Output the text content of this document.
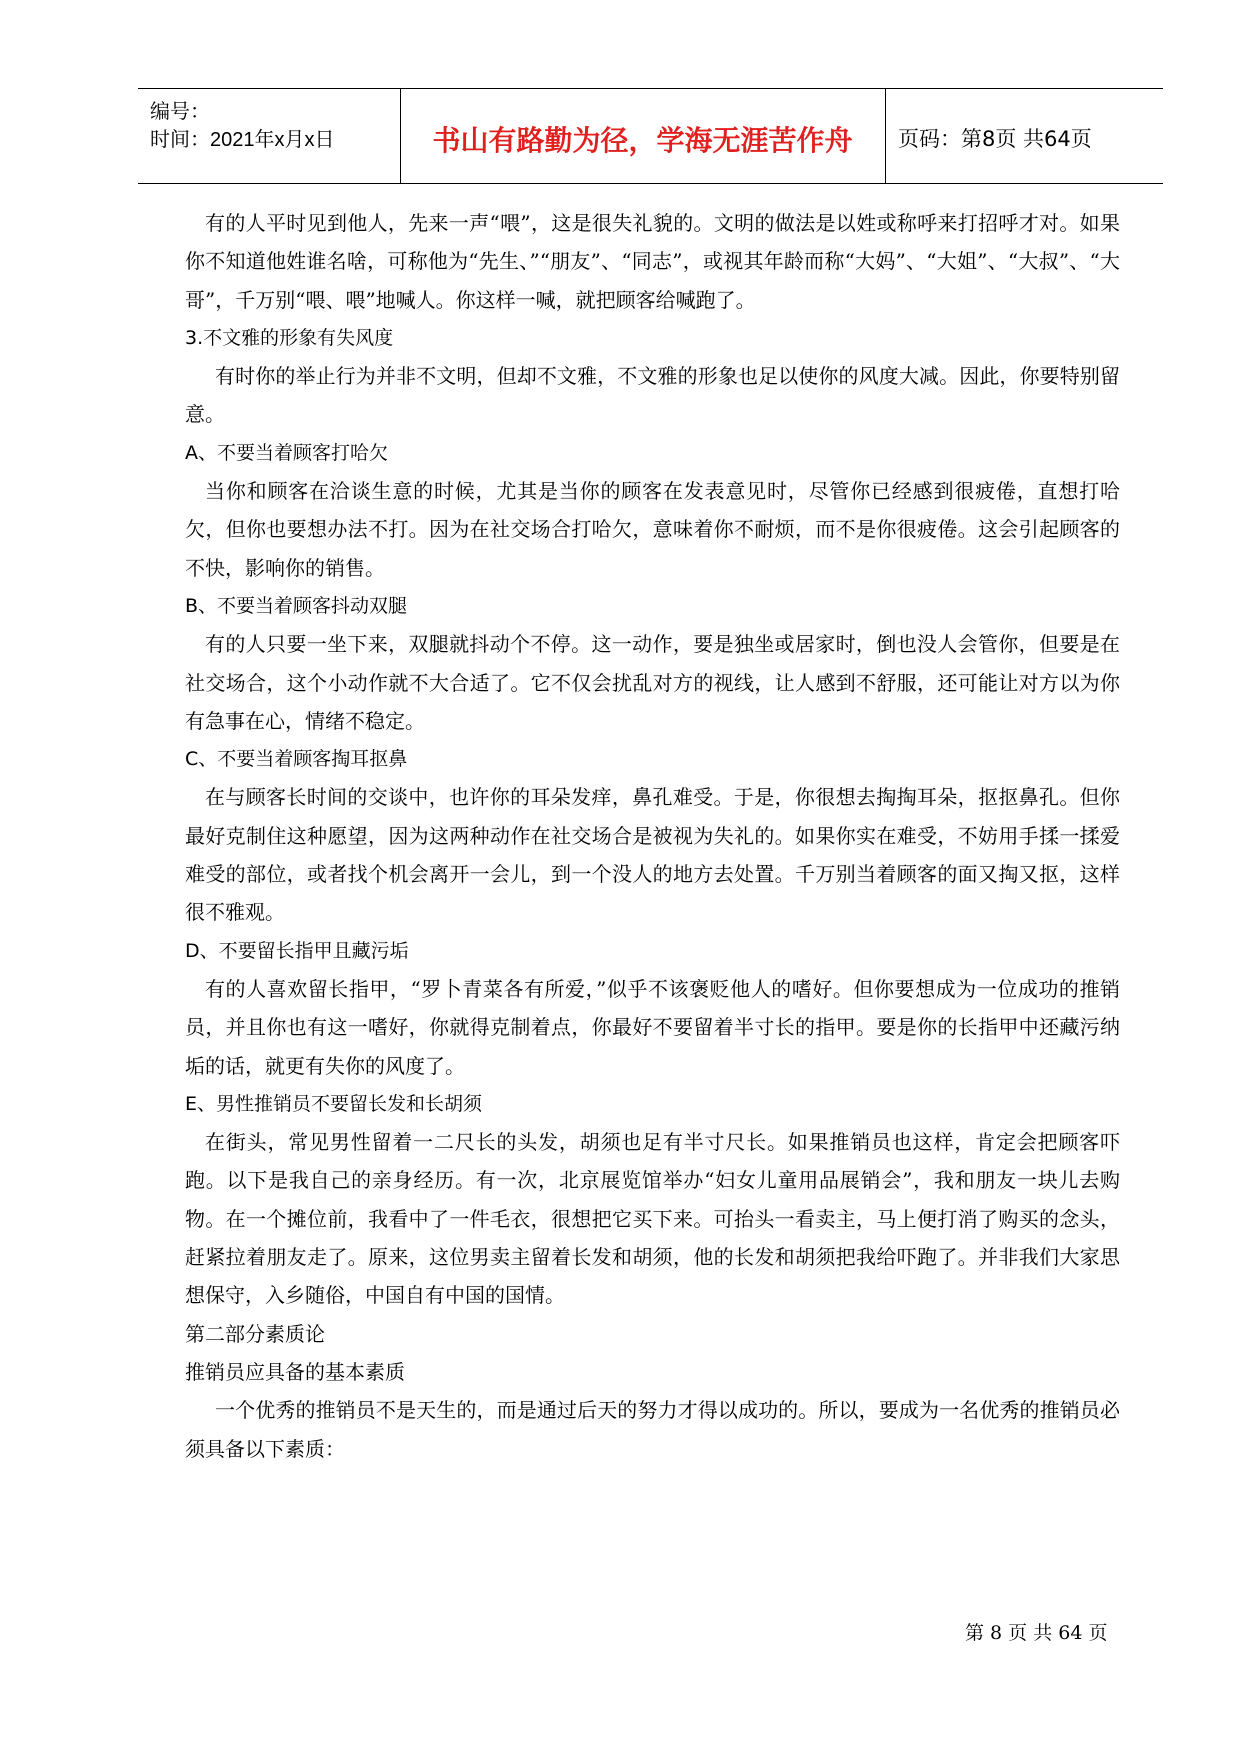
编号：
时间：2021年x月x日	书山有路勤为径，学海无涯苦作舟	页码：第8页 共64页

有的人平时见到他人，先来一声“喂”，这是很失礼貌的。文明的做法是以姓或称呼来打招呼才对。如果你不知道他姓谁名啥，可称他为“先生、”“朋友”、“同志”，或视其年龄而称“大妈”、“大姐”、“大叔”、“大哥”，千万别“喂、喂”地喊人。你这样一喊，就把顾客给喊跑了。

3.不文雅的形象有失风度

有时你的举止行为并非不文明，但却不文雅，不文雅的形象也足以使你的风度大减。因此，你要特别留意。

A、不要当着顾客打哈欠

当你和顾客在洽谈生意的时候，尤其是当你的顾客在发表意见时，尽管你已经感到很疲倦，直想打哈欠，但你也要想办法不打。因为在社交场合打哈欠，意味着你不耐烦，而不是你很疲倦。这会引起顾客的不快，影响你的销售。

B、不要当着顾客抖动双腿

有的人只要一坐下来，双腿就抖动个不停。这一动作，要是独坐或居家时，倒也没人会管你，但要是在社交场合，这个小动作就不大合适了。它不仅会扰乱对方的视线，让人感到不舒服，还可能让对方以为你有急事在心，情绪不稳定。

C、不要当着顾客掏耳抠鼻

在与顾客长时间的交谈中，也许你的耳朵发痒，鼻孔难受。于是，你很想去掏掏耳朵，抠抠鼻孔。但你最好克制住这种愿望，因为这两种动作在社交场合是被视为失礼的。如果你实在难受，不妨用手揉一揉爱难受的部位，或者找个机会离开一会儿，到一个没人的地方去处置。千万别当着顾客的面又掏又抠，这样很不雅观。

D、不要留长指甲且藏污垢

有的人喜欢留长指甲，“罗卜青菜各有所爱，”似乎不该褒贬他人的嗜好。但你要想成为一位成功的推销员，并且你也有这一嗜好，你就得克制着点，你最好不要留着半寸长的指甲。要是你的长指甲中还藏污纳垢的话，就更有失你的风度了。

E、男性推销员不要留长发和长胡须

在街头，常见男性留着一二尺长的头发，胡须也足有半寸尺长。如果推销员也这样，肯定会把顾客吓跑。以下是我自己的亲身经历。有一次，北京展览馆举办“妇女儿童用品展销会”，我和朋友一块儿去购物。在一个摊位前，我看中了一件毛衣，很想把它买下来。可抬头一看卖主，马上便打消了购买的念头，赶紧拉着朋友走了。原来，这位男卖主留着长发和胡须，他的长发和胡须把我给吓跑了。并非我们大家思想保守，入乡随俗，中国自有中国的国情。

第二部分素质论

推销员应具备的基本素质

一个优秀的推销员不是天生的，而是通过后天的努力才得以成功的。所以，要成为一名优秀的推销员必须具备以下素质：

第 8 页 共 64 页
